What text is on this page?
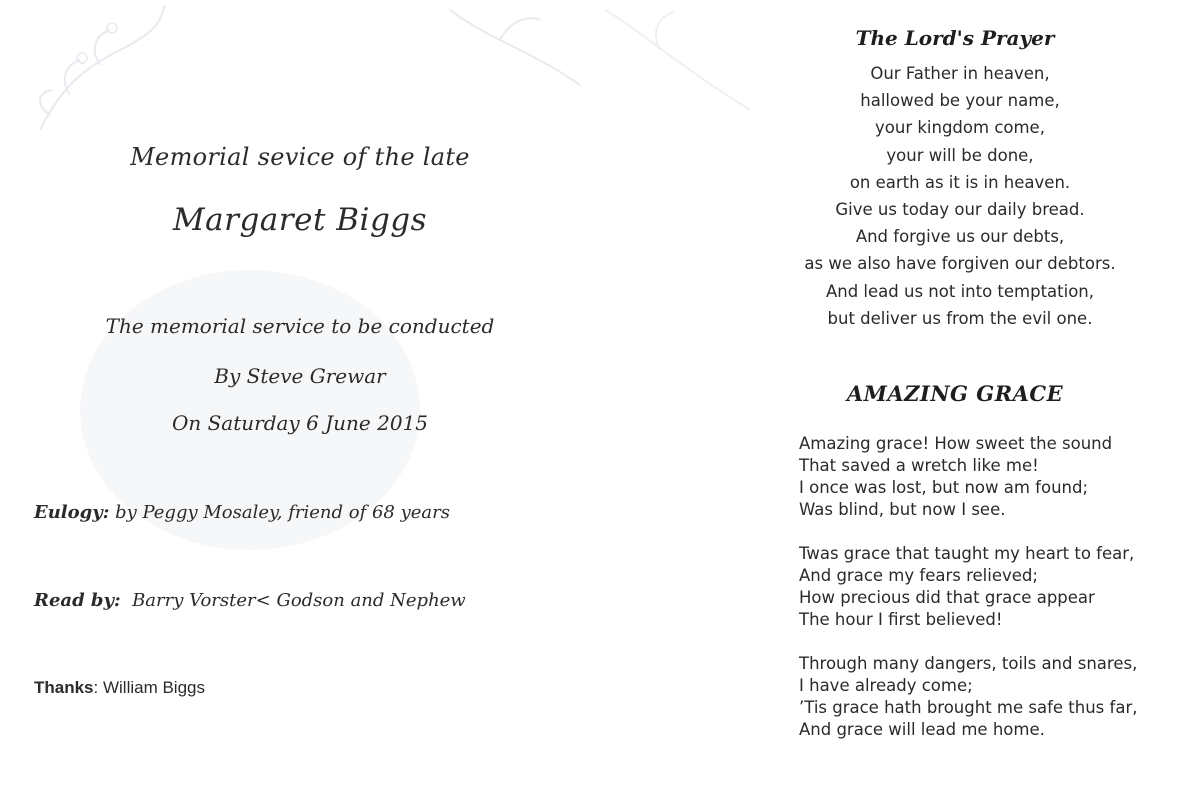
Memorial sevice of the late
Margaret Biggs
The memorial service to be conducted
By Steve Grewar
On Saturday 6 June 2015
Eulogy: by Peggy Mosaley, friend of 68 years
Read by:  Barry Vorster< Godson and Nephew
Thanks: William Biggs
The Lord's Prayer
Our Father in heaven,
hallowed be your name,
your kingdom come,
your will be done,
on earth as it is in heaven.
Give us today our daily bread.
And forgive us our debts,
as we also have forgiven our debtors.
And lead us not into temptation,
but deliver us from the evil one.
AMAZING GRACE
Amazing grace! How sweet the sound
That saved a wretch like me!
I once was lost, but now am found;
Was blind, but now I see.
Twas grace that taught my heart to fear,
And grace my fears relieved;
How precious did that grace appear
The hour I first believed!
Through many dangers, toils and snares,
I have already come;
’Tis grace hath brought me safe thus far,
And grace will lead me home.
